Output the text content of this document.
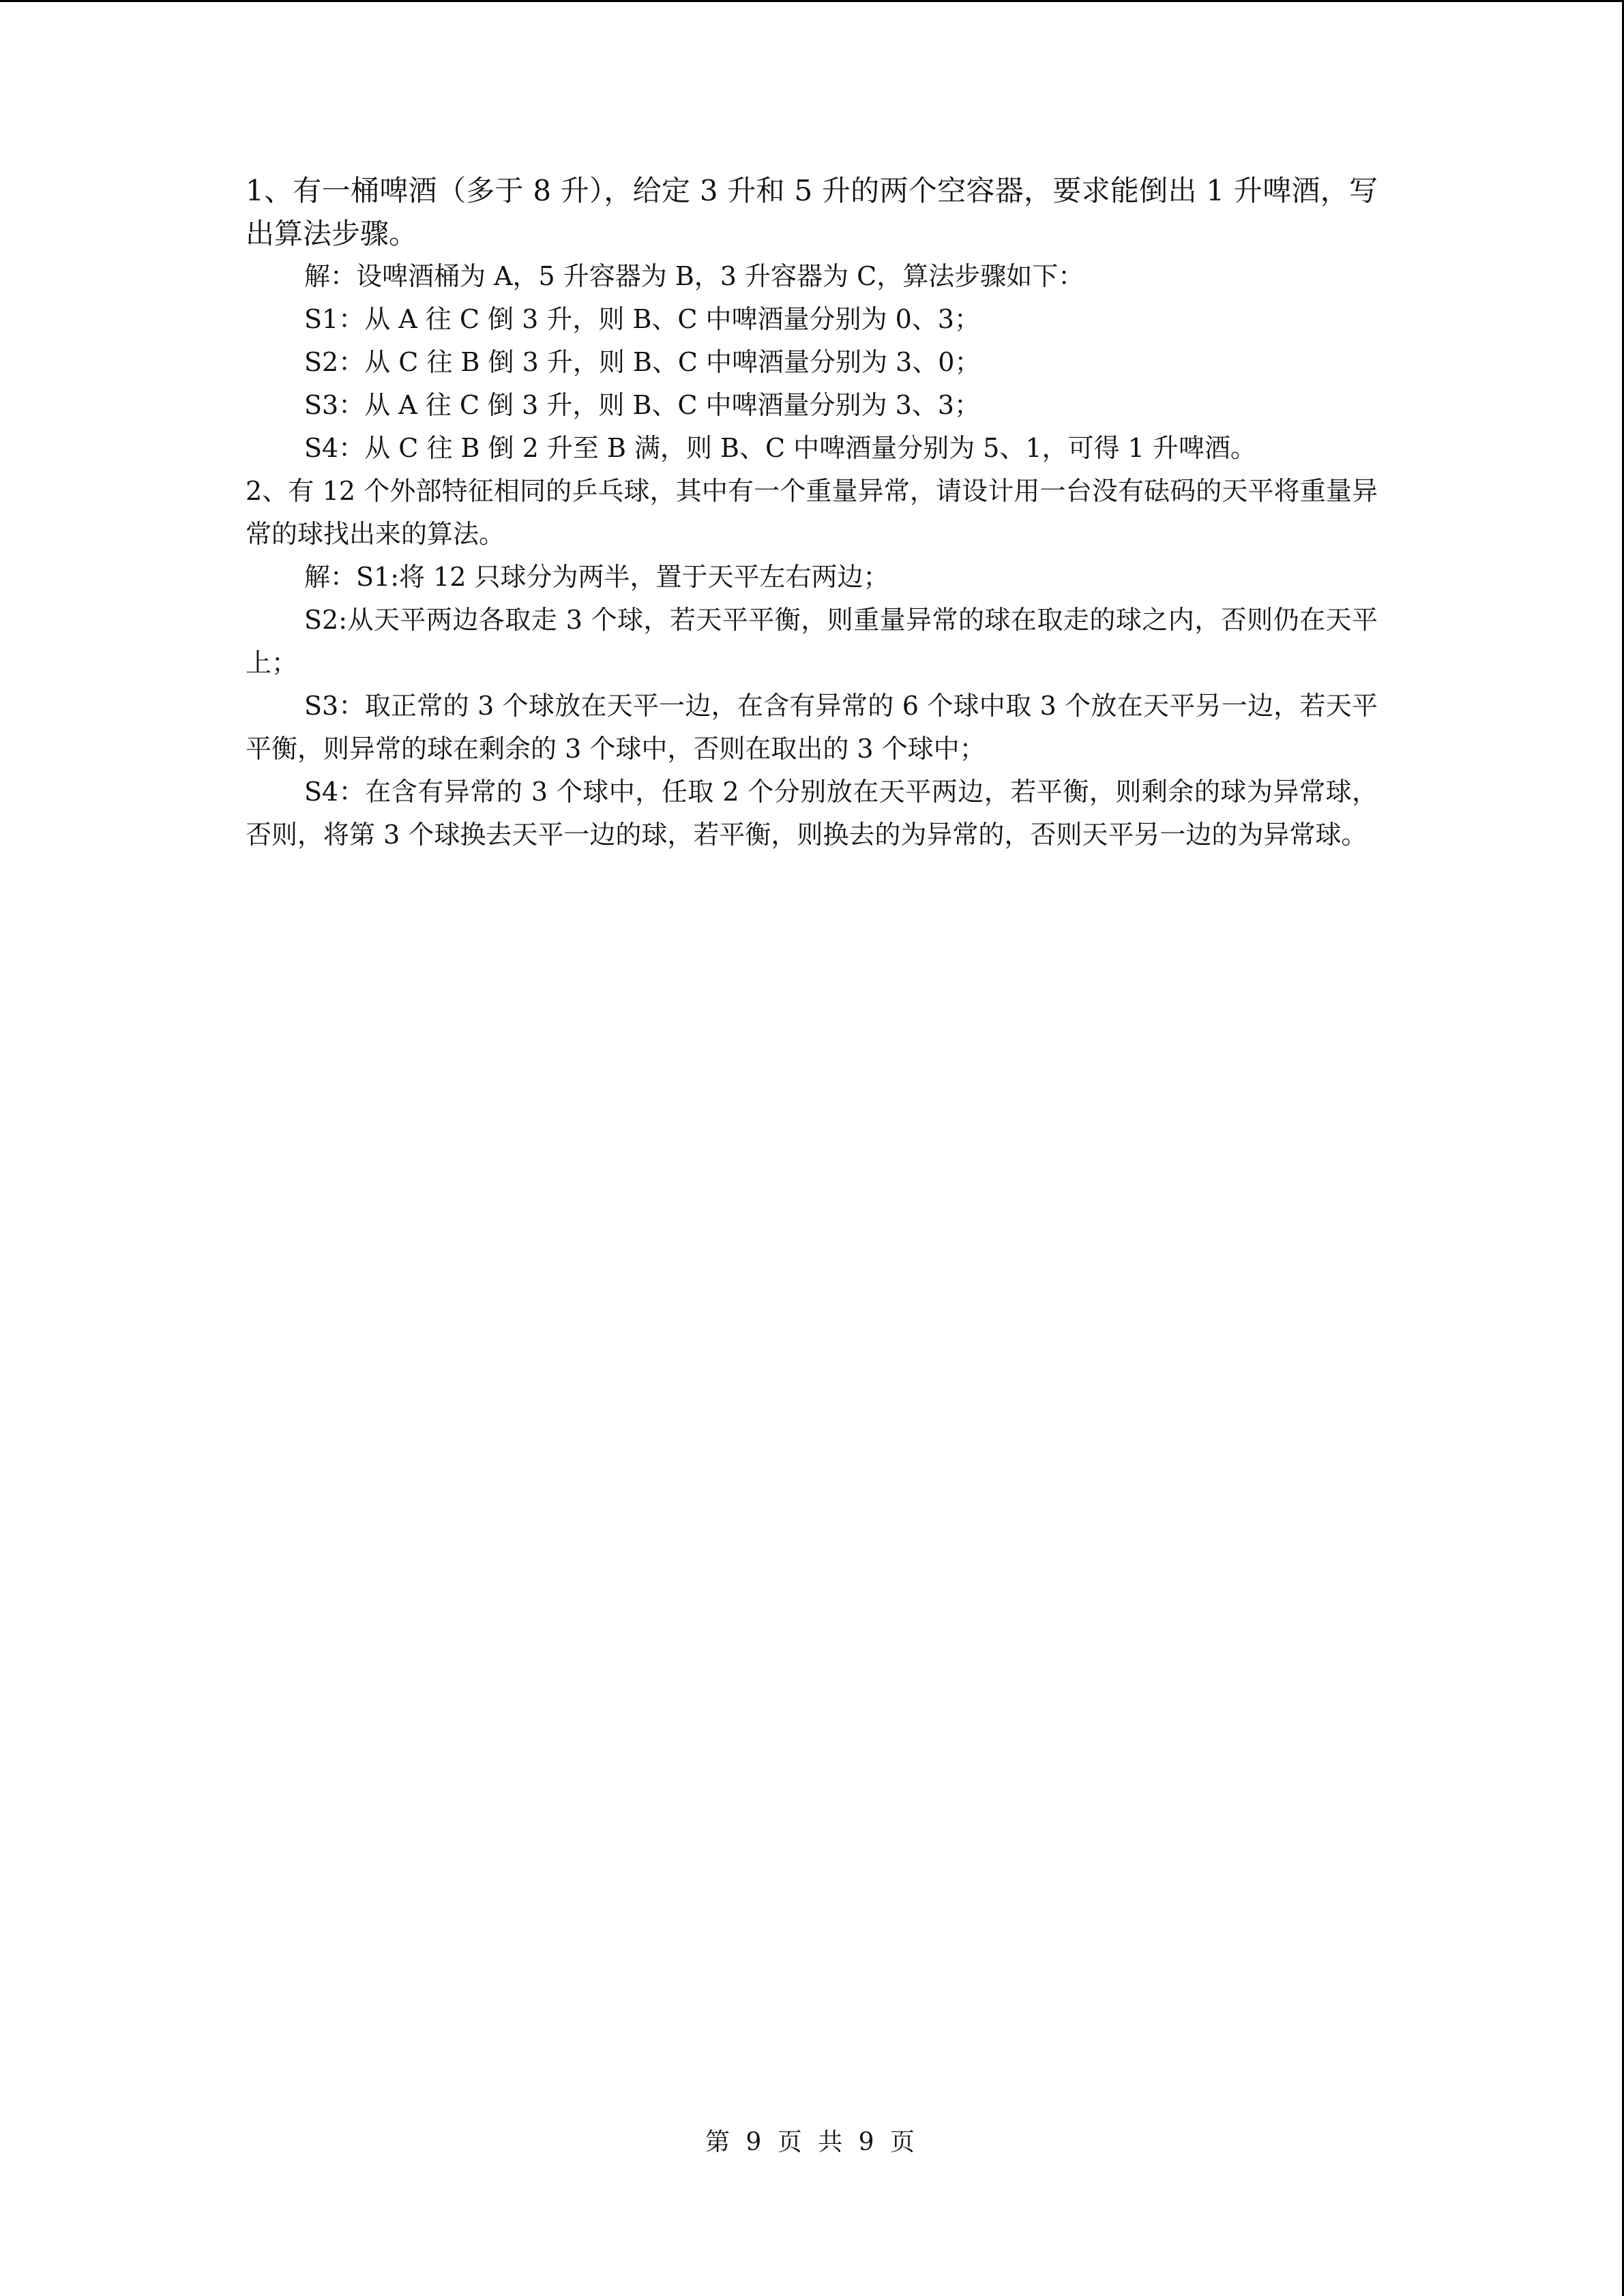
1、有一桶啤酒（多于 8 升），给定 3 升和 5 升的两个空容器，要求能倒出 1 升啤酒，写出算法步骤。

解：设啤酒桶为 A，5 升容器为 B，3 升容器为 C，算法步骤如下：

S1：从 A 往 C 倒 3 升，则 B、C 中啤酒量分别为 0、3；

S2：从 C 往 B 倒 3 升，则 B、C 中啤酒量分别为 3、0；

S3：从 A 往 C 倒 3 升，则 B、C 中啤酒量分别为 3、3；

S4：从 C 往 B 倒 2 升至 B 满，则 B、C 中啤酒量分别为 5、1，可得 1 升啤酒。

2、有 12 个外部特征相同的乒乓球，其中有一个重量异常，请设计用一台没有砝码的天平将重量异常的球找出来的算法。

解：S1:将 12 只球分为两半，置于天平左右两边；

S2:从天平两边各取走 3 个球，若天平平衡，则重量异常的球在取走的球之内，否则仍在天平上；

S3：取正常的 3 个球放在天平一边，在含有异常的 6 个球中取 3 个放在天平另一边，若天平平衡，则异常的球在剩余的 3 个球中，否则在取出的 3 个球中；

S4：在含有异常的 3 个球中，任取 2 个分别放在天平两边，若平衡，则剩余的球为异常球，否则，将第 3 个球换去天平一边的球，若平衡，则换去的为异常的，否则天平另一边的为异常球。

第 9 页 共 9 页
